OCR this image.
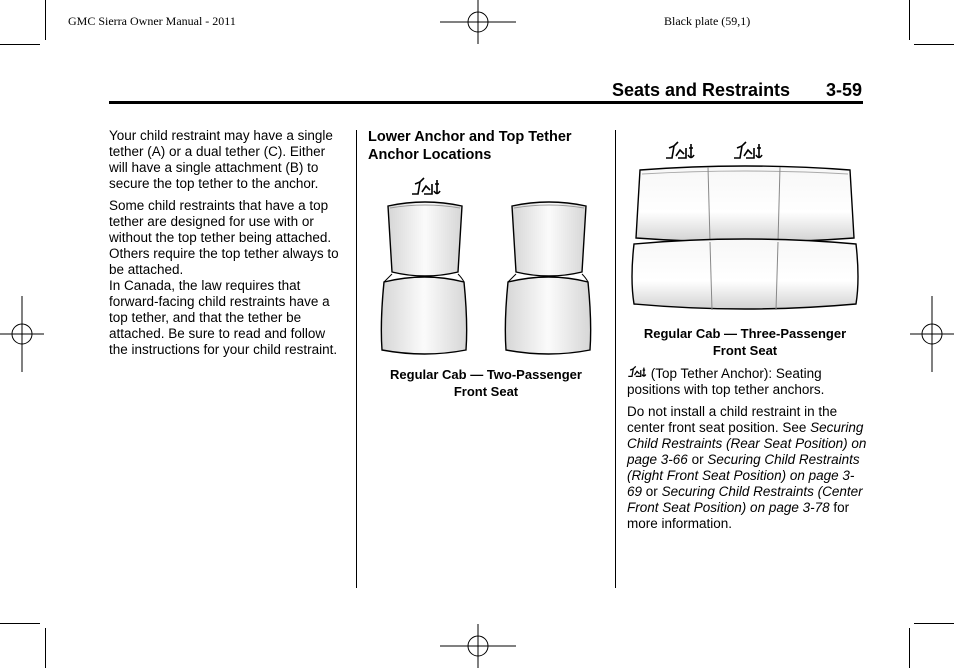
GMC Sierra Owner Manual - 2011	Black plate (59,1)
Seats and Restraints 3-59

Your child restraint may have a single tether (A) or a dual tether (C). Either will have a single attachment (B) to secure the top tether to the anchor.

Some child restraints that have a top tether are designed for use with or without the top tether being attached. Others require the top tether always to be attached.

In Canada, the law requires that forward-facing child restraints have a top tether, and that the tether be attached. Be sure to read and follow the instructions for your child restraint.

Lower Anchor and Top Tether Anchor Locations
Regular Cab — Two-Passenger
Front Seat
Regular Cab — Three-Passenger
Front Seat

(Top Tether Anchor): Seating positions with top tether anchors.

Do not install a child restraint in the center front seat position. See Securing Child Restraints (Rear Seat Position) on page 3-66 or Securing Child Restraints (Right Front Seat Position) on page 3-69 or Securing Child Restraints (Center Front Seat Position) on page 3-78 for more information.
